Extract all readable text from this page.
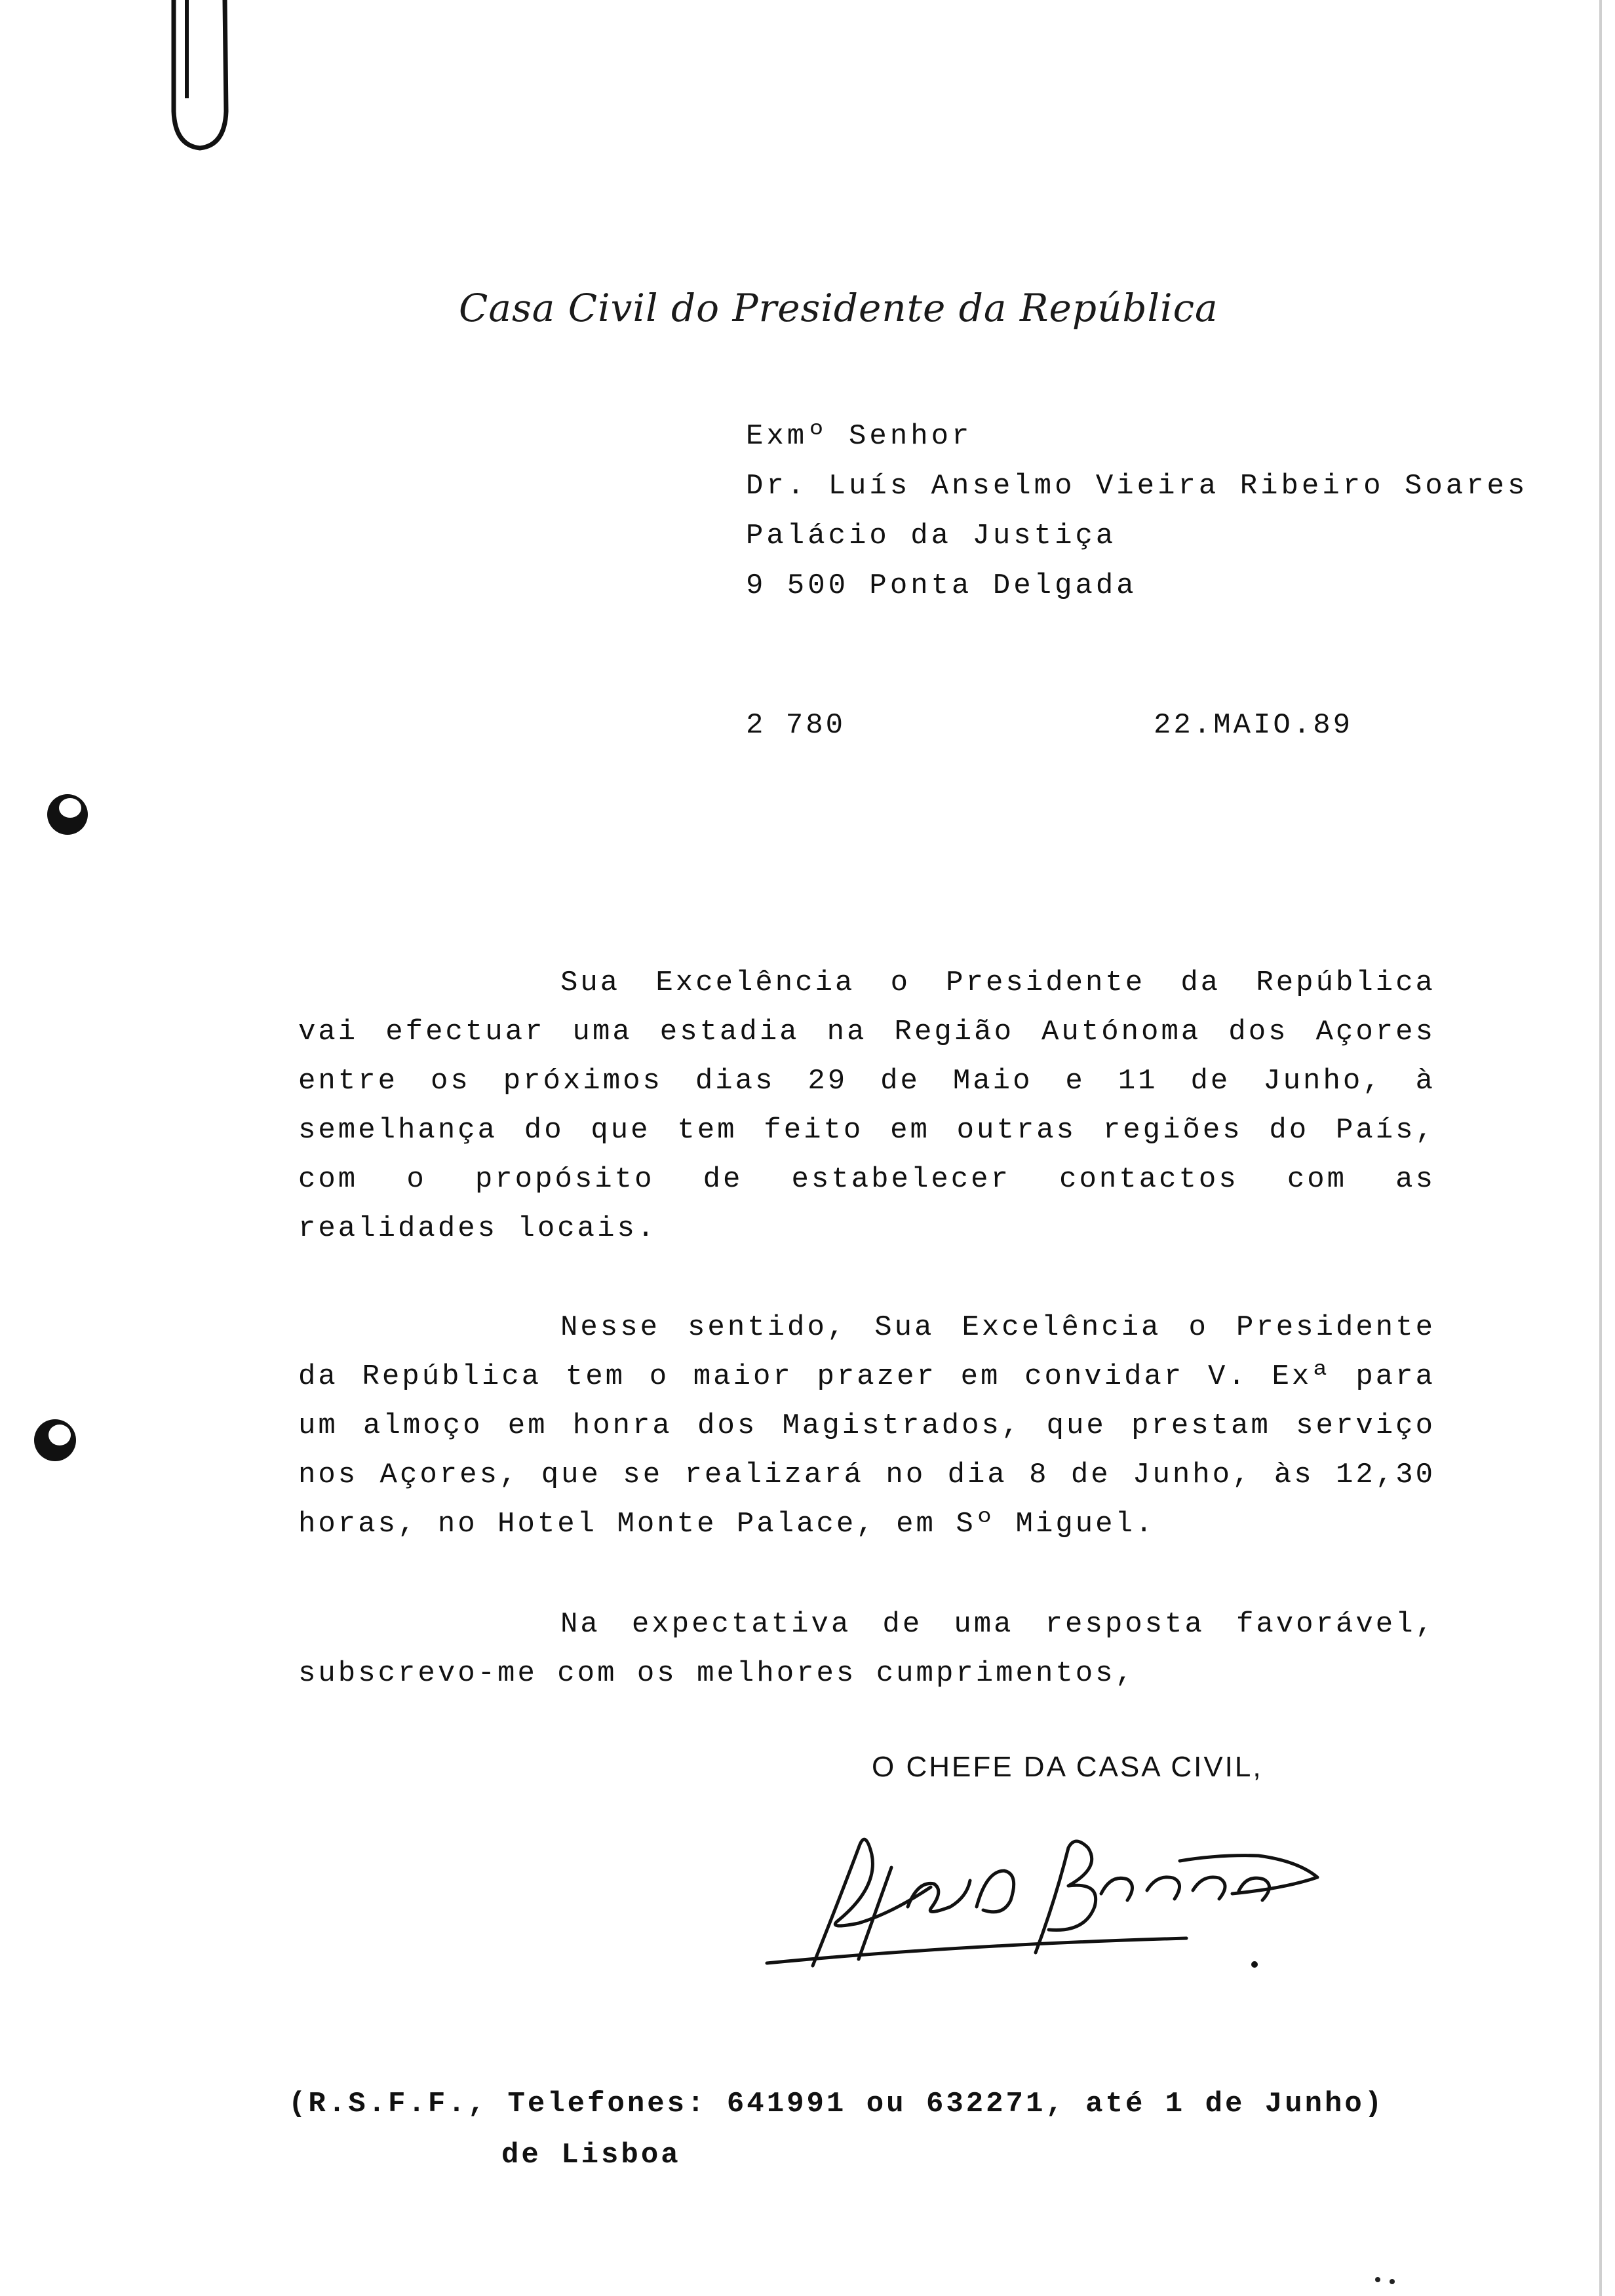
Casa Civil do Presidente da República
Exmº Senhor
Dr. Luís Anselmo Vieira Ribeiro Soares
Palácio da Justiça
9 500 Ponta Delgada
2 780	22.MAIO.89

Sua Excelência o Presidente da República vai efectuar uma estadia na Região Autónoma dos Açores entre os próximos dias 29 de Maio e 11 de Junho, à semelhança do que tem feito em outras regiões do País, com o propósito de estabelecer contactos com as realidades locais.

Nesse sentido, Sua Excelência o Presidente da República tem o maior prazer em convidar V. Exª para um almoço em honra dos Magistrados, que prestam serviço nos Açores, que se realizará no dia 8 de Junho, às 12,30 horas, no Hotel Monte Palace, em Sº Miguel.

Na expectativa de uma resposta favorável, subscrevo-me com os melhores cumprimentos,

O CHEFE DA CASA CIVIL,
(R.S.F.F., Telefones: 641991 ou 632271, até 1 de Junho)
de Lisboa
